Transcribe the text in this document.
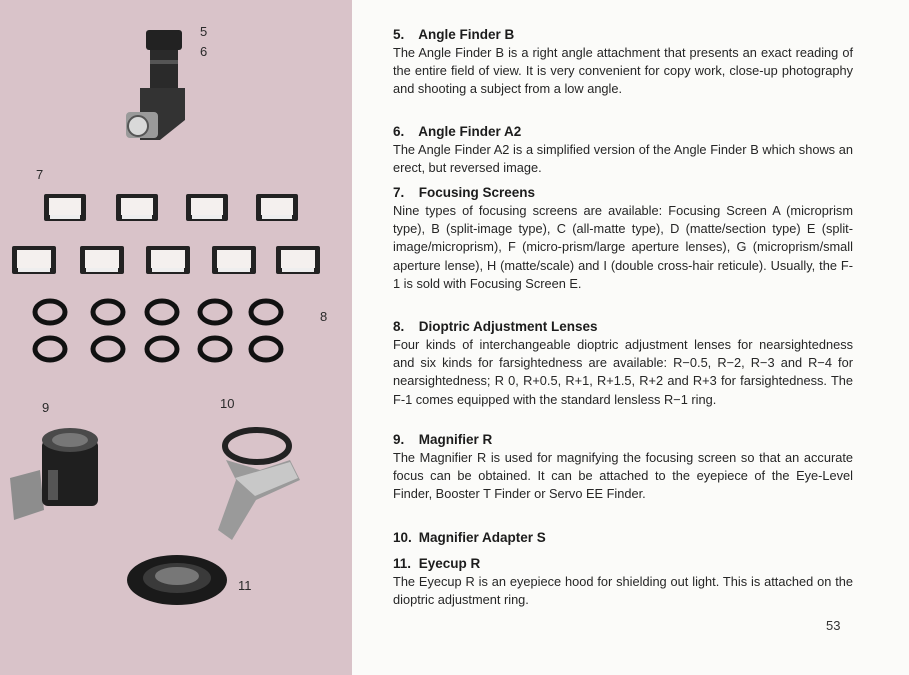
5
6
7
8
9	10
11
5. Angle Finder B

The Angle Finder B is a right angle attachment that presents an exact reading of the entire field of view. It is very convenient for copy work, close-up photography and shooting a subject from a low angle.

6. Angle Finder A2

The Angle Finder A2 is a simplified version of the Angle Finder B which shows an erect, but reversed image.

7. Focusing Screens

Nine types of focusing screens are available: Focusing Screen A (microprism type), B (split-image type), C (all-matte type), D (matte/section type) E (split-image/microprism), F (micro-prism/large aperture lenses), G (microprism/small aperture lense), H (matte/scale) and I (double cross-hair reticule). Usually, the F-1 is sold with Focusing Screen E.

8. Dioptric Adjustment Lenses

Four kinds of interchangeable dioptric adjustment lenses for nearsightedness and six kinds for farsightedness are available: R−0.5, R−2, R−3 and R−4 for nearsightedness; R 0, R+0.5, R+1, R+1.5, R+2 and R+3 for farsightedness. The F-1 comes equipped with the standard lensless R−1 ring.

9. Magnifier R

The Magnifier R is used for magnifying the focusing screen so that an accurate focus can be obtained. It can be attached to the eyepiece of the Eye-Level Finder, Booster T Finder or Servo EE Finder.

10. Magnifier Adapter S
11. Eyecup R

The Eyecup R is an eyepiece hood for shielding out light. This is attached on the dioptric adjustment ring.

53
